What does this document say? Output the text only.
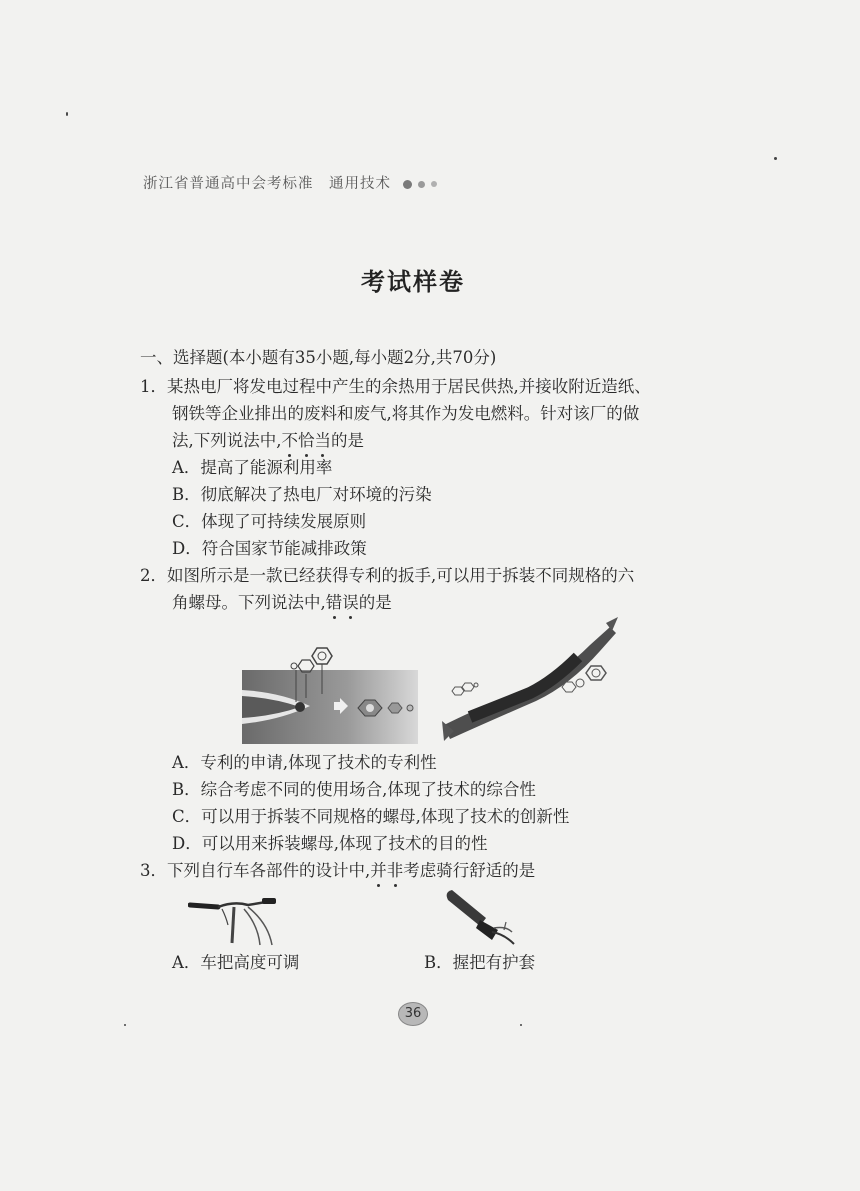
浙江省普通高中会考标准　通用技术
考试样卷
一、选择题(本小题有35小题,每小题2分,共70分)
1．某热电厂将发电过程中产生的余热用于居民供热,并接收附近造纸、
钢铁等企业排出的废料和废气,将其作为发电燃料。针对该厂的做
法,下列说法中,不恰当的是
A．提高了能源利用率
B．彻底解决了热电厂对环境的污染
C．体现了可持续发展原则
D．符合国家节能减排政策
2．如图所示是一款已经获得专利的扳手,可以用于拆装不同规格的六
角螺母。下列说法中,错误的是
A．专利的申请,体现了技术的专利性
B．综合考虑不同的使用场合,体现了技术的综合性
C．可以用于拆装不同规格的螺母,体现了技术的创新性
D．可以用来拆装螺母,体现了技术的目的性
3．下列自行车各部件的设计中,并非考虑骑行舒适的是
A．车把高度可调	B．握把有护套
36
